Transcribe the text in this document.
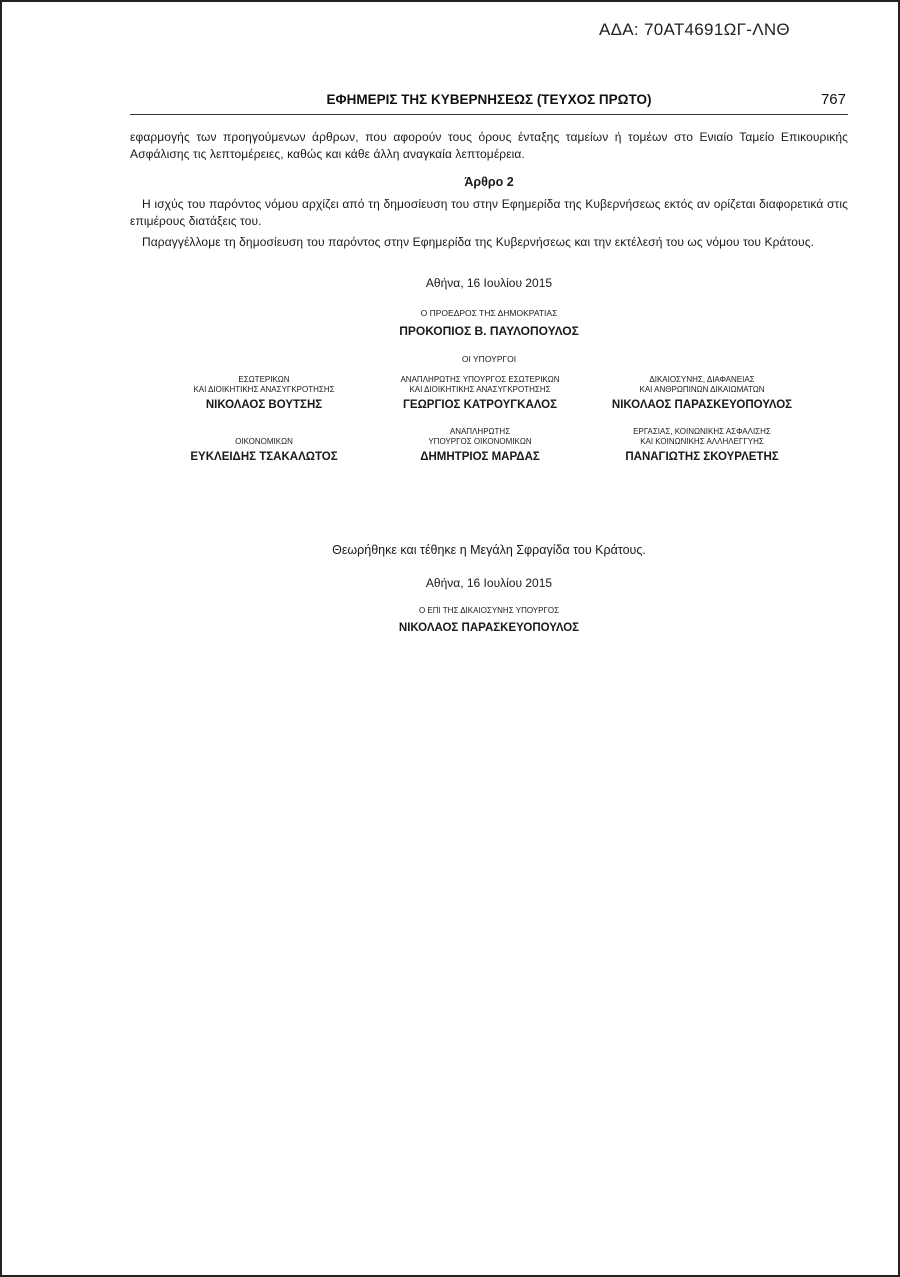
ΑΔΑ: 70ΑΤ4691ΩΓ-ΛΝΘ
ΕΦΗΜΕΡΙΣ ΤΗΣ ΚΥΒΕΡΝΗΣΕΩΣ (ΤΕΥΧΟΣ ΠΡΩΤΟ)	767
εφαρμογής των προηγούμενων άρθρων, που αφορούν τους όρους ένταξης ταμείων ή τομέων στο Ενιαίο Ταμείο Επικουρικής Ασφάλισης τις λεπτομέρειες, καθώς και κάθε άλλη αναγκαία λεπτομέρεια.
Άρθρο 2
Η ισχύς του παρόντος νόμου αρχίζει από τη δημοσίευση του στην Εφημερίδα της Κυβερνήσεως εκτός αν ορίζεται διαφορετικά στις επιμέρους διατάξεις του.
Παραγγέλλομε τη δημοσίευση του παρόντος στην Εφημερίδα της Κυβερνήσεως και την εκτέλεσή του ως νόμου του Κράτους.
Αθήνα, 16 Ιουλίου 2015
Ο ΠΡΟΕΔΡΟΣ ΤΗΣ ΔΗΜΟΚΡΑΤΙΑΣ
ΠΡΟΚΟΠΙΟΣ Β. ΠΑΥΛΟΠΟΥΛΟΣ
ΟΙ ΥΠΟΥΡΓΟΙ
ΕΣΩΤΕΡΙΚΩΝ
ΚΑΙ ΔΙΟΙΚΗΤΙΚΗΣ ΑΝΑΣΥΓΚΡΟΤΗΣΗΣ
ΝΙΚΟΛΑΟΣ ΒΟΥΤΣΗΣ
ΑΝΑΠΛΗΡΩΤΗΣ ΥΠΟΥΡΓΟΣ ΕΣΩΤΕΡΙΚΩΝ
ΚΑΙ ΔΙΟΙΚΗΤΙΚΗΣ ΑΝΑΣΥΓΚΡΟΤΗΣΗΣ
ΓΕΩΡΓΙΟΣ ΚΑΤΡΟΥΓΚΑΛΟΣ
ΔΙΚΑΙΟΣΥΝΗΣ, ΔΙΑΦΑΝΕΙΑΣ
ΚΑΙ ΑΝΘΡΩΠΙΝΩΝ ΔΙΚΑΙΩΜΑΤΩΝ
ΝΙΚΟΛΑΟΣ ΠΑΡΑΣΚΕΥΟΠΟΥΛΟΣ
ΟΙΚΟΝΟΜΙΚΩΝ
ΕΥΚΛΕΙΔΗΣ ΤΣΑΚΑΛΩΤΟΣ
ΑΝΑΠΛΗΡΩΤΗΣ
ΥΠΟΥΡΓΟΣ ΟΙΚΟΝΟΜΙΚΩΝ
ΔΗΜΗΤΡΙΟΣ ΜΑΡΔΑΣ
ΕΡΓΑΣΙΑΣ, ΚΟΙΝΩΝΙΚΗΣ ΑΣΦΑΛΙΣΗΣ
ΚΑΙ ΚΟΙΝΩΝΙΚΗΣ ΑΛΛΗΛΕΓΓΥΗΣ
ΠΑΝΑΓΙΩΤΗΣ ΣΚΟΥΡΛΕΤΗΣ
Θεωρήθηκε και τέθηκε η Μεγάλη Σφραγίδα του Κράτους.
Αθήνα, 16 Ιουλίου 2015
Ο ΕΠΙ ΤΗΣ ΔΙΚΑΙΟΣΥΝΗΣ ΥΠΟΥΡΓΟΣ
ΝΙΚΟΛΑΟΣ ΠΑΡΑΣΚΕΥΟΠΟΥΛΟΣ
